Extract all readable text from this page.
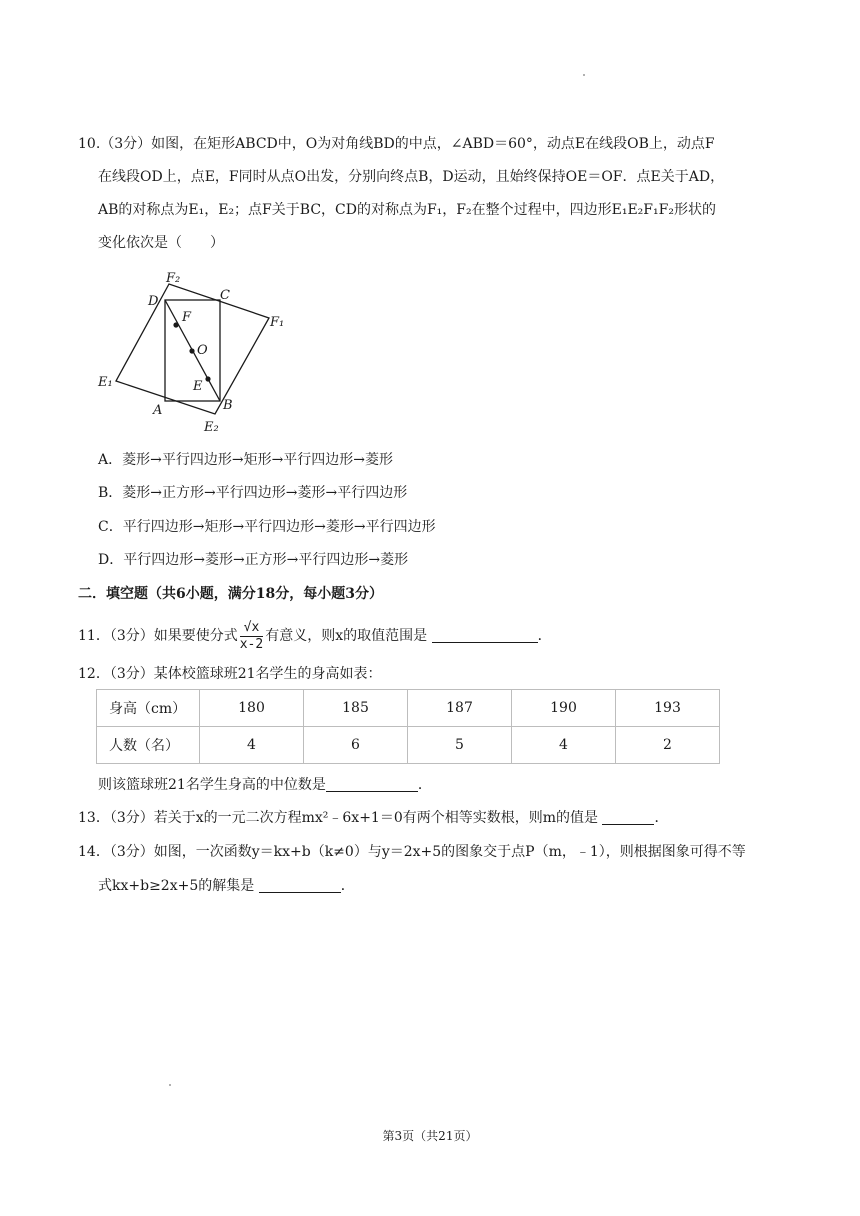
10.（3分）如图，在矩形ABCD中，O为对角线BD的中点，∠ABD＝60°，动点E在线段OB上，动点F
在线段OD上，点E，F同时从点O出发，分别向终点B，D运动，且始终保持OE＝OF．点E关于AD，
AB的对称点为E₁，E₂；点F关于BC，CD的对称点为F₁，F₂在整个过程中，四边形E₁E₂F₁F₂形状的
变化依次是（　　）
F₂
D	C
F₁
F
O
E₁	E
A	B
E₂
A．菱形→平行四边形→矩形→平行四边形→菱形
B．菱形→正方形→平行四边形→菱形→平行四边形
C．平行四边形→矩形→平行四边形→菱形→平行四边形
D．平行四边形→菱形→正方形→平行四边形→菱形
二．填空题（共6小题，满分18分，每小题3分）
11．（3分）如果要使分式 $\frac{√x}{x-2}$ 有意义，则x的取值范围是	．
12．（3分）某体校篮球班21名学生的身高如表：
身高（cm）	180	185	187	190	193
人数（名）	4	6	5	4	2
则该篮球班21名学生身高的中位数是	．
13．（3分）若关于x的一元二次方程mx²﹣6x+1＝0有两个相等实数根，则m的值是	．
14．（3分）如图，一次函数y＝kx+b（k≠0）与y＝2x+5的图象交于点P（m，﹣1），则根据图象可得不等
式kx+b≥2x+5的解集是	．
第3页（共21页）
